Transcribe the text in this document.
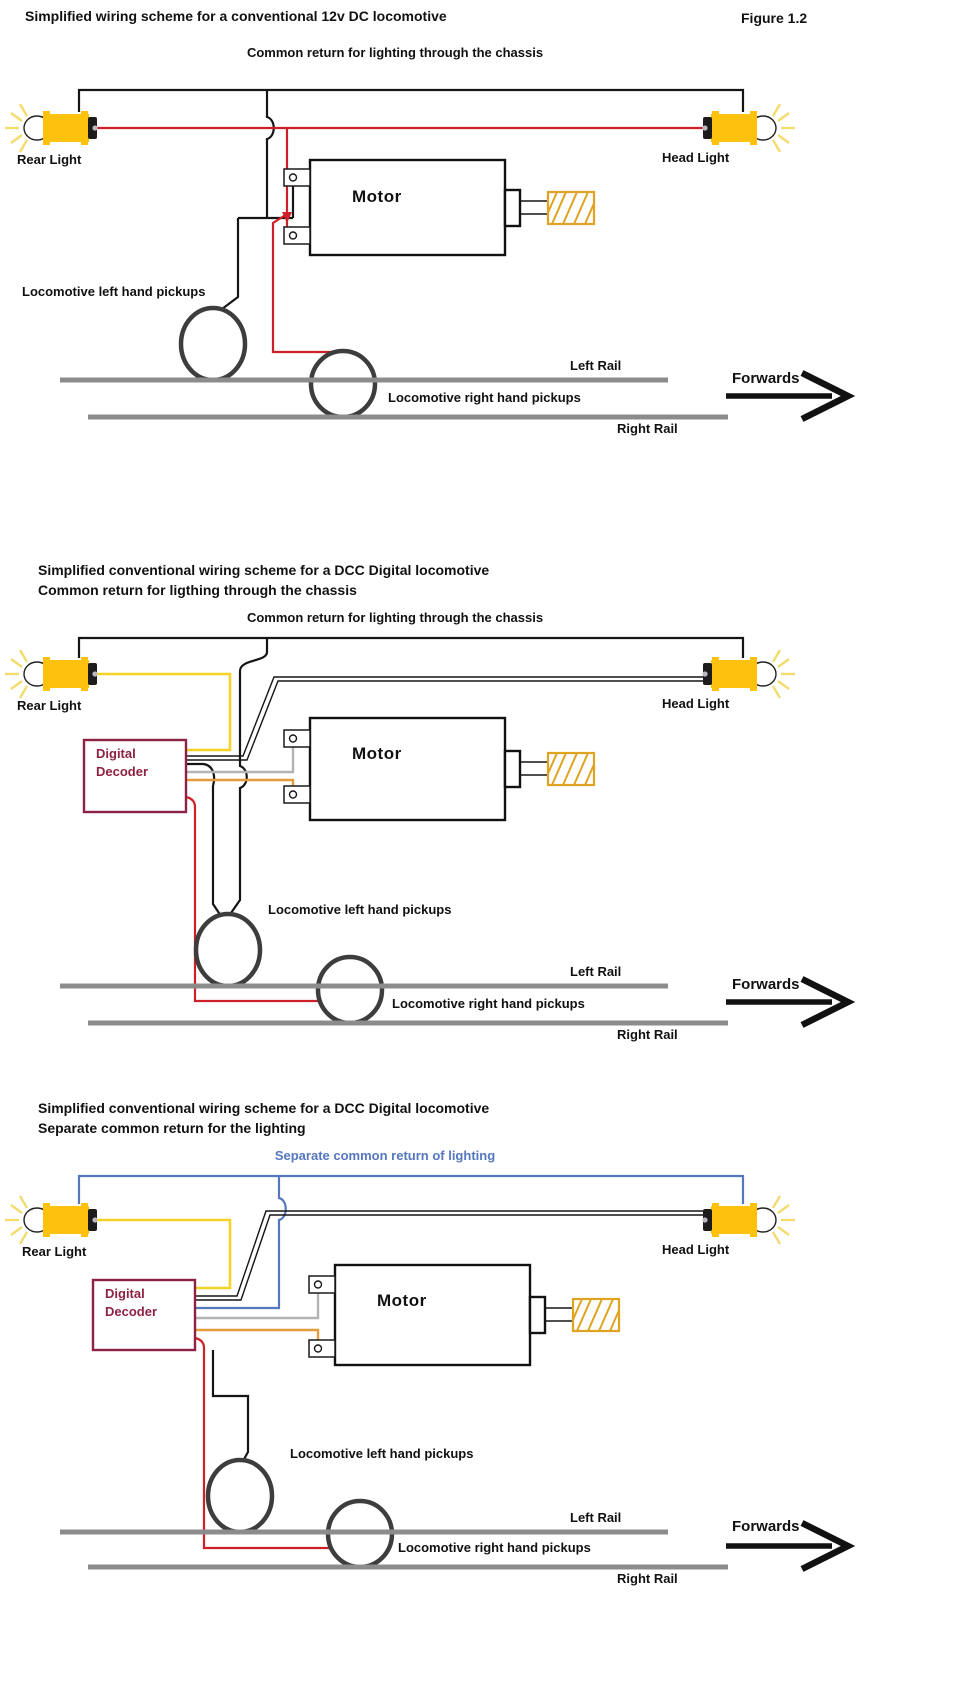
Simplified wiring scheme for a conventional 12v DC locomotive	Figure 1.2
Common return for lighting through the chassis
Rear Light	Head Light
Motor
Locomotive left hand pickups
Left Rail
Locomotive right hand pickups
Right Rail
Forwards
Simplified conventional wiring scheme for a DCC Digital locomotive
Common return for ligthing through the chassis
Common return for lighting through the chassis
Rear Light	Head Light
Digital
Decoder
Motor
Locomotive left hand pickups
Left Rail
Locomotive right hand pickups
Right Rail
Forwards
Simplified conventional wiring scheme for a DCC Digital locomotive
Separate common return for the lighting
Separate common return of lighting
Rear Light	Head Light
Digital
Decoder
Motor
Locomotive left hand pickups
Left Rail
Locomotive right hand pickups
Right Rail
Forwards
